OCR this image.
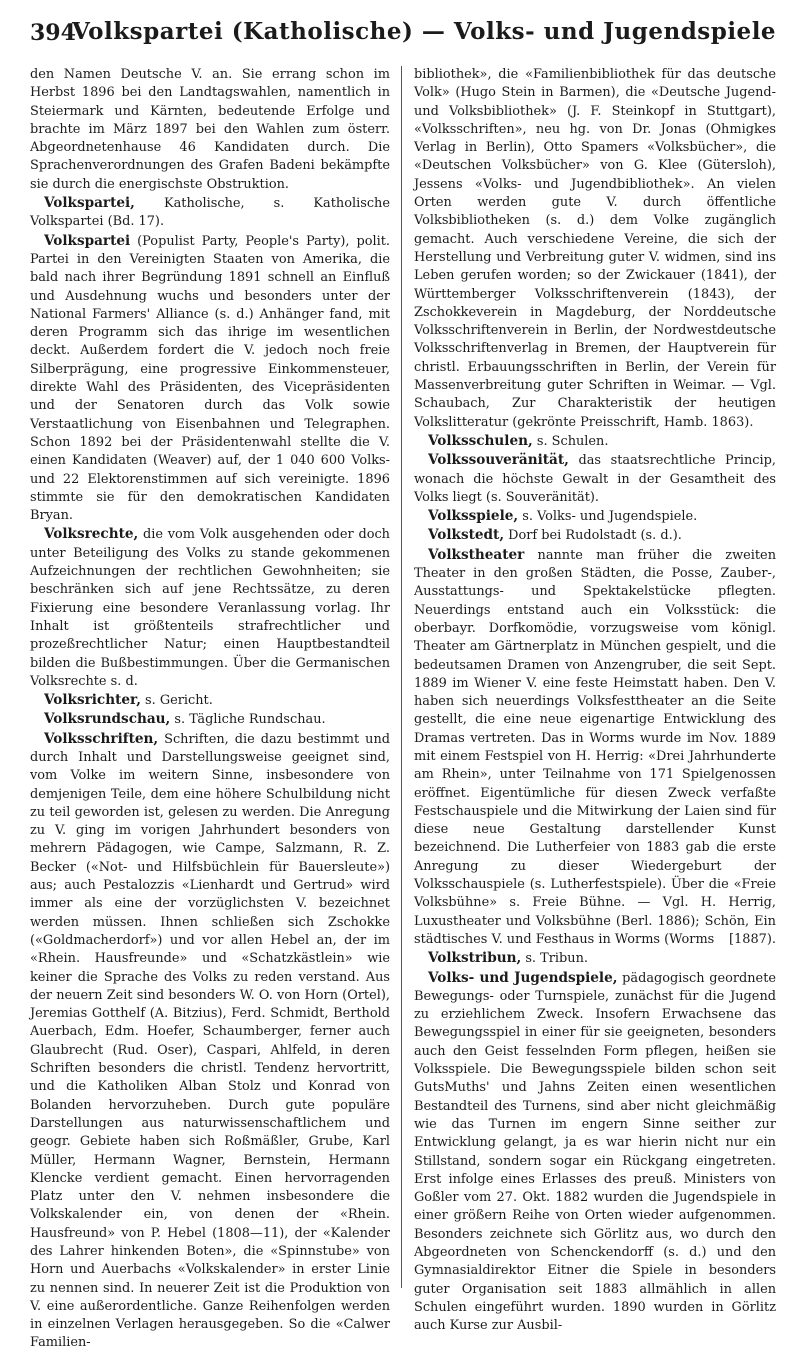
394
Volkspartei (Katholische) — Volks- und Jugendspiele

den Namen Deutsche V. an. Sie errang schon im Herbst 1896 bei den Landtagswahlen, namentlich in Steiermark und Kärnten, bedeutende Erfolge und brachte im März 1897 bei den Wahlen zum österr. Abgeordnetenhause 46 Kandidaten durch. Die Sprachenverordnungen des Grafen Badeni bekämpfte sie durch die energischste Obstruktion.

Volkspartei, Katholische, s. Katholische Volkspartei (Bd. 17).

Volkspartei (Populist Party, People's Party), polit. Partei in den Vereinigten Staaten von Amerika, die bald nach ihrer Begründung 1891 schnell an Einfluß und Ausdehnung wuchs und besonders unter der National Farmers' Alliance (s. d.) Anhänger fand, mit deren Programm sich das ihrige im wesentlichen deckt. Außerdem fordert die V. jedoch noch freie Silberprägung, eine progressive Einkommensteuer, direkte Wahl des Präsidenten, des Vicepräsidenten und der Senatoren durch das Volk sowie Verstaatlichung von Eisenbahnen und Telegraphen. Schon 1892 bei der Präsidentenwahl stellte die V. einen Kandidaten (Weaver) auf, der 1 040 600 Volks- und 22 Elektorenstimmen auf sich vereinigte. 1896 stimmte sie für den demokratischen Kandidaten Bryan.

Volksrechte, die vom Volk ausgehenden oder doch unter Beteiligung des Volks zu stande gekommenen Aufzeichnungen der rechtlichen Gewohnheiten; sie beschränken sich auf jene Rechtssätze, zu deren Fixierung eine besondere Veranlassung vorlag. Ihr Inhalt ist größtenteils strafrechtlicher und prozeßrechtlicher Natur; einen Hauptbestandteil bilden die Bußbestimmungen. Über die Germanischen Volksrechte s. d.

Volksrichter, s. Gericht.

Volksrundschau, s. Tägliche Rundschau.

Volksschriften, Schriften, die dazu bestimmt und durch Inhalt und Darstellungsweise geeignet sind, vom Volke im weitern Sinne, insbesondere von demjenigen Teile, dem eine höhere Schulbildung nicht zu teil geworden ist, gelesen zu werden. Die Anregung zu V. ging im vorigen Jahrhundert besonders von mehrern Pädagogen, wie Campe, Salzmann, R. Z. Becker («Not- und Hilfsbüchlein für Bauersleute») aus; auch Pestalozzis «Lienhardt und Gertrud» wird immer als eine der vorzüglichsten V. bezeichnet werden müssen. Ihnen schließen sich Zschokke («Goldmacherdorf») und vor allen Hebel an, der im «Rhein. Hausfreunde» und «Schatzkästlein» wie keiner die Sprache des Volks zu reden verstand. Aus der neuern Zeit sind besonders W. O. von Horn (Ortel), Jeremias Gotthelf (A. Bitzius), Ferd. Schmidt, Berthold Auerbach, Edm. Hoefer, Schaumberger, ferner auch Glaubrecht (Rud. Oser), Caspari, Ahlfeld, in deren Schriften besonders die christl. Tendenz hervortritt, und die Katholiken Alban Stolz und Konrad von Bolanden hervorzuheben. Durch gute populäre Darstellungen aus naturwissenschaftlichem und geogr. Gebiete haben sich Roßmäßler, Grube, Karl Müller, Hermann Wagner, Bernstein, Hermann Klencke verdient gemacht. Einen hervorragenden Platz unter den V. nehmen insbesondere die Volkskalender ein, von denen der «Rhein. Hausfreund» von P. Hebel (1808—11), der «Kalender des Lahrer hinkenden Boten», die «Spinnstube» von Horn und Auerbachs «Volkskalender» in erster Linie zu nennen sind. In neuerer Zeit ist die Produktion von V. eine außerordentliche. Ganze Reihenfolgen werden in einzelnen Verlagen herausgegeben. So die «Calwer Familien-

bibliothek», die «Familienbibliothek für das deutsche Volk» (Hugo Stein in Barmen), die «Deutsche Jugend- und Volksbibliothek» (J. F. Steinkopf in Stuttgart), «Volksschriften», neu hg. von Dr. Jonas (Ohmigkes Verlag in Berlin), Otto Spamers «Volksbücher», die «Deutschen Volksbücher» von G. Klee (Gütersloh), Jessens «Volks- und Jugendbibliothek». An vielen Orten werden gute V. durch öffentliche Volksbibliotheken (s. d.) dem Volke zugänglich gemacht. Auch verschiedene Vereine, die sich der Herstellung und Verbreitung guter V. widmen, sind ins Leben gerufen worden; so der Zwickauer (1841), der Württemberger Volksschriftenverein (1843), der Zschokkeverein in Magdeburg, der Norddeutsche Volksschriftenverein in Berlin, der Nordwestdeutsche Volksschriftenverlag in Bremen, der Hauptverein für christl. Erbauungsschriften in Berlin, der Verein für Massenverbreitung guter Schriften in Weimar. — Vgl. Schaubach, Zur Charakteristik der heutigen Volkslitteratur (gekrönte Preisschrift, Hamb. 1863).

Volksschulen, s. Schulen.

Volkssouveränität, das staatsrechtliche Princip, wonach die höchste Gewalt in der Gesamtheit des Volks liegt (s. Souveränität).

Volksspiele, s. Volks- und Jugendspiele.

Volkstedt, Dorf bei Rudolstadt (s. d.).

Volkstheater nannte man früher die zweiten Theater in den großen Städten, die Posse, Zauber-, Ausstattungs- und Spektakelstücke pflegten. Neuerdings entstand auch ein Volksstück: die oberbayr. Dorfkomödie, vorzugsweise vom königl. Theater am Gärtnerplatz in München gespielt, und die bedeutsamen Dramen von Anzengruber, die seit Sept. 1889 im Wiener V. eine feste Heimstatt haben. Den V. haben sich neuerdings Volksfesttheater an die Seite gestellt, die eine neue eigenartige Entwicklung des Dramas vertreten. Das in Worms wurde im Nov. 1889 mit einem Festspiel von H. Herrig: «Drei Jahrhunderte am Rhein», unter Teilnahme von 171 Spielgenossen eröffnet. Eigentümliche für diesen Zweck verfaßte Festschauspiele und die Mitwirkung der Laien sind für diese neue Gestaltung darstellender Kunst bezeichnend. Die Lutherfeier von 1883 gab die erste Anregung zu dieser Wiedergeburt der Volksschauspiele (s. Lutherfestspiele). Über die «Freie Volksbühne» s. Freie Bühne. — Vgl. H. Herrig, Luxustheater und Volksbühne (Berl. 1886); Schön, Ein städtisches V. und Festhaus in Worms (Worms	[1887).

Volkstribun, s. Tribun.

Volks- und Jugendspiele, pädagogisch geordnete Bewegungs- oder Turnspiele, zunächst für die Jugend zu erziehlichem Zweck. Insofern Erwachsene das Bewegungsspiel in einer für sie geeigneten, besonders auch den Geist fesselnden Form pflegen, heißen sie Volksspiele. Die Bewegungsspiele bilden schon seit GutsMuths' und Jahns Zeiten einen wesentlichen Bestandteil des Turnens, sind aber nicht gleichmäßig wie das Turnen im engern Sinne seither zur Entwicklung gelangt, ja es war hierin nicht nur ein Stillstand, sondern sogar ein Rückgang eingetreten. Erst infolge eines Erlasses des preuß. Ministers von Goßler vom 27. Okt. 1882 wurden die Jugendspiele in einer größern Reihe von Orten wieder aufgenommen. Besonders zeichnete sich Görlitz aus, wo durch den Abgeordneten von Schenckendorff (s. d.) und den Gymnasialdirektor Eitner die Spiele in besonders guter Organisation seit 1883 allmählich in allen Schulen eingeführt wurden. 1890 wurden in Görlitz auch Kurse zur Ausbil-
